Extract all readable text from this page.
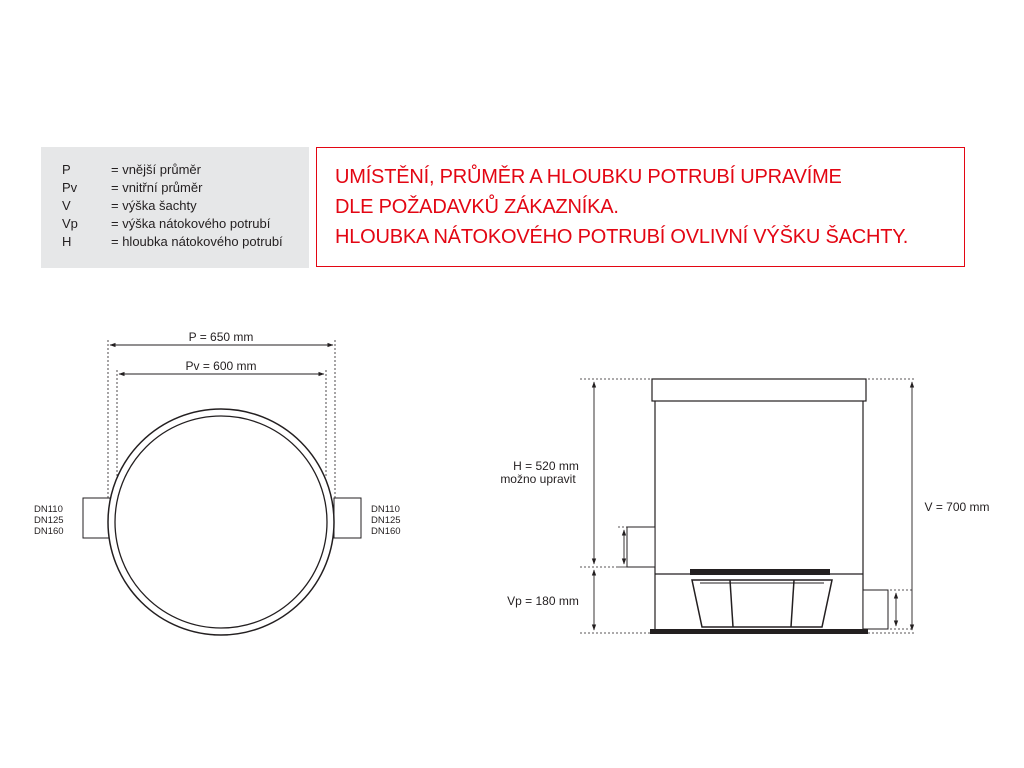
P	= vnější průměr
Pv	= vnitřní průměr
V	= výška šachty
Vp	= výška nátokového potrubí
H	= hloubka nátokového potrubí
UMÍSTĚNÍ, PRŮMĚR A HLOUBKU POTRUBÍ UPRAVÍME
DLE POŽADAVKŮ ZÁKAZNÍKA.
HLOUBKA NÁTOKOVÉHO POTRUBÍ OVLIVNÍ VÝŠKU ŠACHTY.
P = 650 mm
Pv = 600 mm
DN110
DN125
DN160
DN110
DN125
DN160
H = 520 mm
možno upravit
Vp = 180 mm
V = 700 mm
